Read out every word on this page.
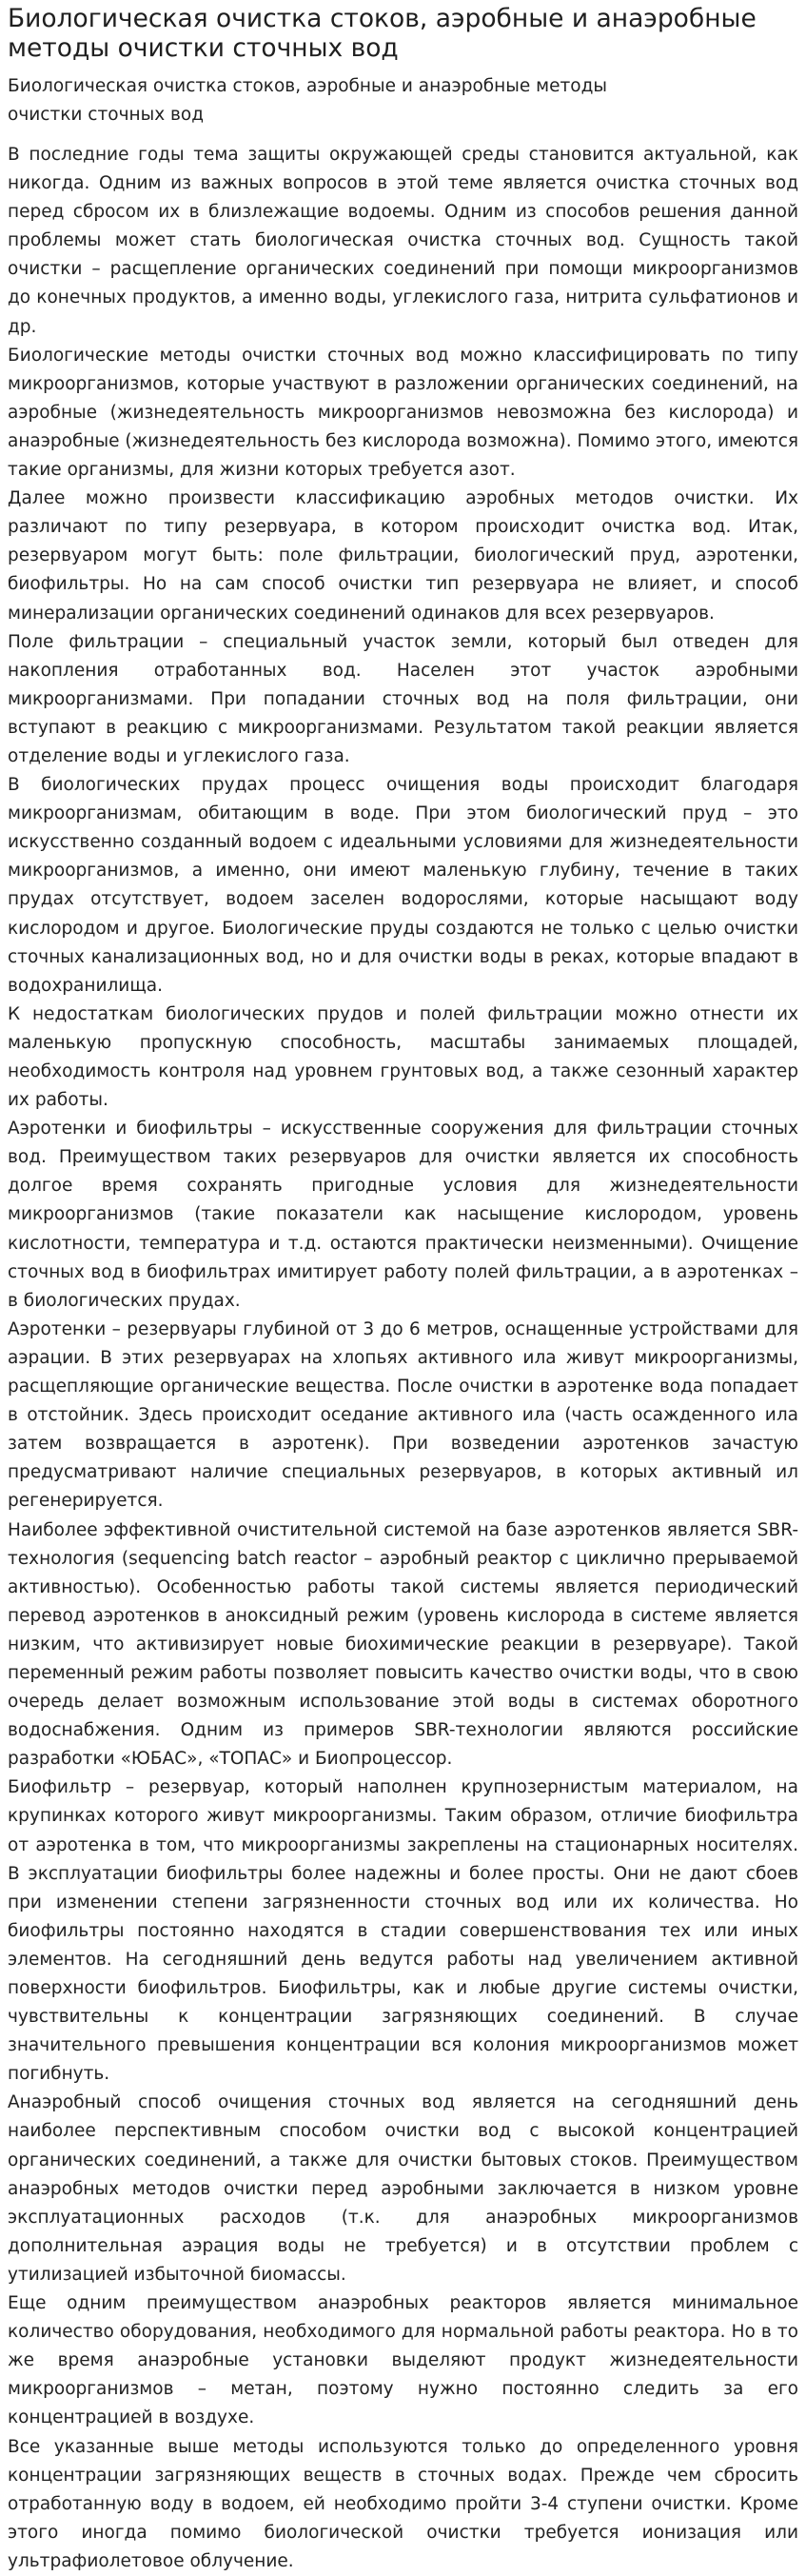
Биологическая очистка стоков, аэробные и анаэробные методы очистки сточных вод
Биологическая очистка стоков, аэробные и анаэробные методы
очистки сточных вод

В последние годы тема защиты окружающей среды становится актуальной, как никогда. Одним из важных вопросов в этой теме является очистка сточных вод перед сбросом их в близлежащие водоемы. Одним из способов решения данной проблемы может стать биологическая очистка сточных вод. Сущность такой очистки – расщепление органических соединений при помощи микроорганизмов до конечных продуктов, а именно воды, углекислого газа, нитрита сульфатионов и др.

Биологические методы очистки сточных вод можно классифицировать по типу микроорганизмов, которые участвуют в разложении органических соединений, на аэробные (жизнедеятельность микроорганизмов невозможна без кислорода) и анаэробные (жизнедеятельность без кислорода возможна). Помимо этого, имеются такие организмы, для жизни которых требуется азот.

Далее можно произвести классификацию аэробных методов очистки. Их различают по типу резервуара, в котором происходит очистка вод. Итак, резервуаром могут быть: поле фильтрации, биологический пруд, аэротенки, биофильтры. Но на сам способ очистки тип резервуара не влияет, и способ минерализации органических соединений одинаков для всех резервуаров.

Поле фильтрации – специальный участок земли, который был отведен для накопления отработанных вод. Населен этот участок аэробными микроорганизмами. При попадании сточных вод на поля фильтрации, они вступают в реакцию с микроорганизмами. Результатом такой реакции является отделение воды и углекислого газа.

В биологических прудах процесс очищения воды происходит благодаря микроорганизмам, обитающим в воде. При этом биологический пруд – это искусственно созданный водоем с идеальными условиями для жизнедеятельности микроорганизмов, а именно, они имеют маленькую глубину, течение в таких прудах отсутствует, водоем заселен водорослями, которые насыщают воду кислородом и другое. Биологические пруды создаются не только с целью очистки сточных канализационных вод, но и для очистки воды в реках, которые впадают в водохранилища.

К недостаткам биологических прудов и полей фильтрации можно отнести их маленькую пропускную способность, масштабы занимаемых площадей, необходимость контроля над уровнем грунтовых вод, а также сезонный характер их работы.

Аэротенки и биофильтры – искусственные сооружения для фильтрации сточных вод. Преимуществом таких резервуаров для очистки является их способность долгое время сохранять пригодные условия для жизнедеятельности микроорганизмов (такие показатели как насыщение кислородом, уровень кислотности, температура и т.д. остаются практически неизменными). Очищение сточных вод в биофильтрах имитирует работу полей фильтрации, а в аэротенках – в биологических прудах.

Аэротенки – резервуары глубиной от 3 до 6 метров, оснащенные устройствами для аэрации. В этих резервуарах на хлопьях активного ила живут микроорганизмы, расщепляющие органические вещества. После очистки в аэротенке вода попадает в отстойник. Здесь происходит оседание активного ила (часть осажденного ила затем возвращается в аэротенк). При возведении аэротенков зачастую предусматривают наличие специальных резервуаров, в которых активный ил регенерируется.

Наиболее эффективной очистительной системой на базе аэротенков является SBR-технология (sequencing batch reactor – аэробный реактор с циклично прерываемой активностью). Особенностью работы такой системы является периодический перевод аэротенков в аноксидный режим (уровень кислорода в системе является низким, что активизирует новые биохимические реакции в резервуаре). Такой переменный режим работы позволяет повысить качество очистки воды, что в свою очередь делает возможным использование этой воды в системах оборотного водоснабжения. Одним из примеров SBR-технологии являются российские разработки «ЮБАС», «ТОПАС» и Биопроцессор.

Биофильтр – резервуар, который наполнен крупнозернистым материалом, на крупинках которого живут микроорганизмы. Таким образом, отличие биофильтра от аэротенка в том, что микроорганизмы закреплены на стационарных носителях. В эксплуатации биофильтры более надежны и более просты. Они не дают сбоев при изменении степени загрязненности сточных вод или их количества. Но биофильтры постоянно находятся в стадии совершенствования тех или иных элементов. На сегодняшний день ведутся работы над увеличением активной поверхности биофильтров. Биофильтры, как и любые другие системы очистки, чувствительны к концентрации загрязняющих соединений. В случае значительного превышения концентрации вся колония микроорганизмов может погибнуть.

Анаэробный способ очищения сточных вод является на сегодняшний день наиболее перспективным способом очистки вод с высокой концентрацией органических соединений, а также для очистки бытовых стоков. Преимуществом анаэробных методов очистки перед аэробными заключается в низком уровне эксплуатационных расходов (т.к. для анаэробных микроорганизмов дополнительная аэрация воды не требуется) и в отсутствии проблем с утилизацией избыточной биомассы.

Еще одним преимуществом анаэробных реакторов является минимальное количество оборудования, необходимого для нормальной работы реактора. Но в то же время анаэробные установки выделяют продукт жизнедеятельности микроорганизмов – метан, поэтому нужно постоянно следить за его концентрацией в воздухе.

Все указанные выше методы используются только до определенного уровня концентрации загрязняющих веществ в сточных водах. Прежде чем сбросить отработанную воду в водоем, ей необходимо пройти 3-4 ступени очистки. Кроме этого иногда помимо биологической очистки требуется ионизация или ультрафиолетовое облучение.
